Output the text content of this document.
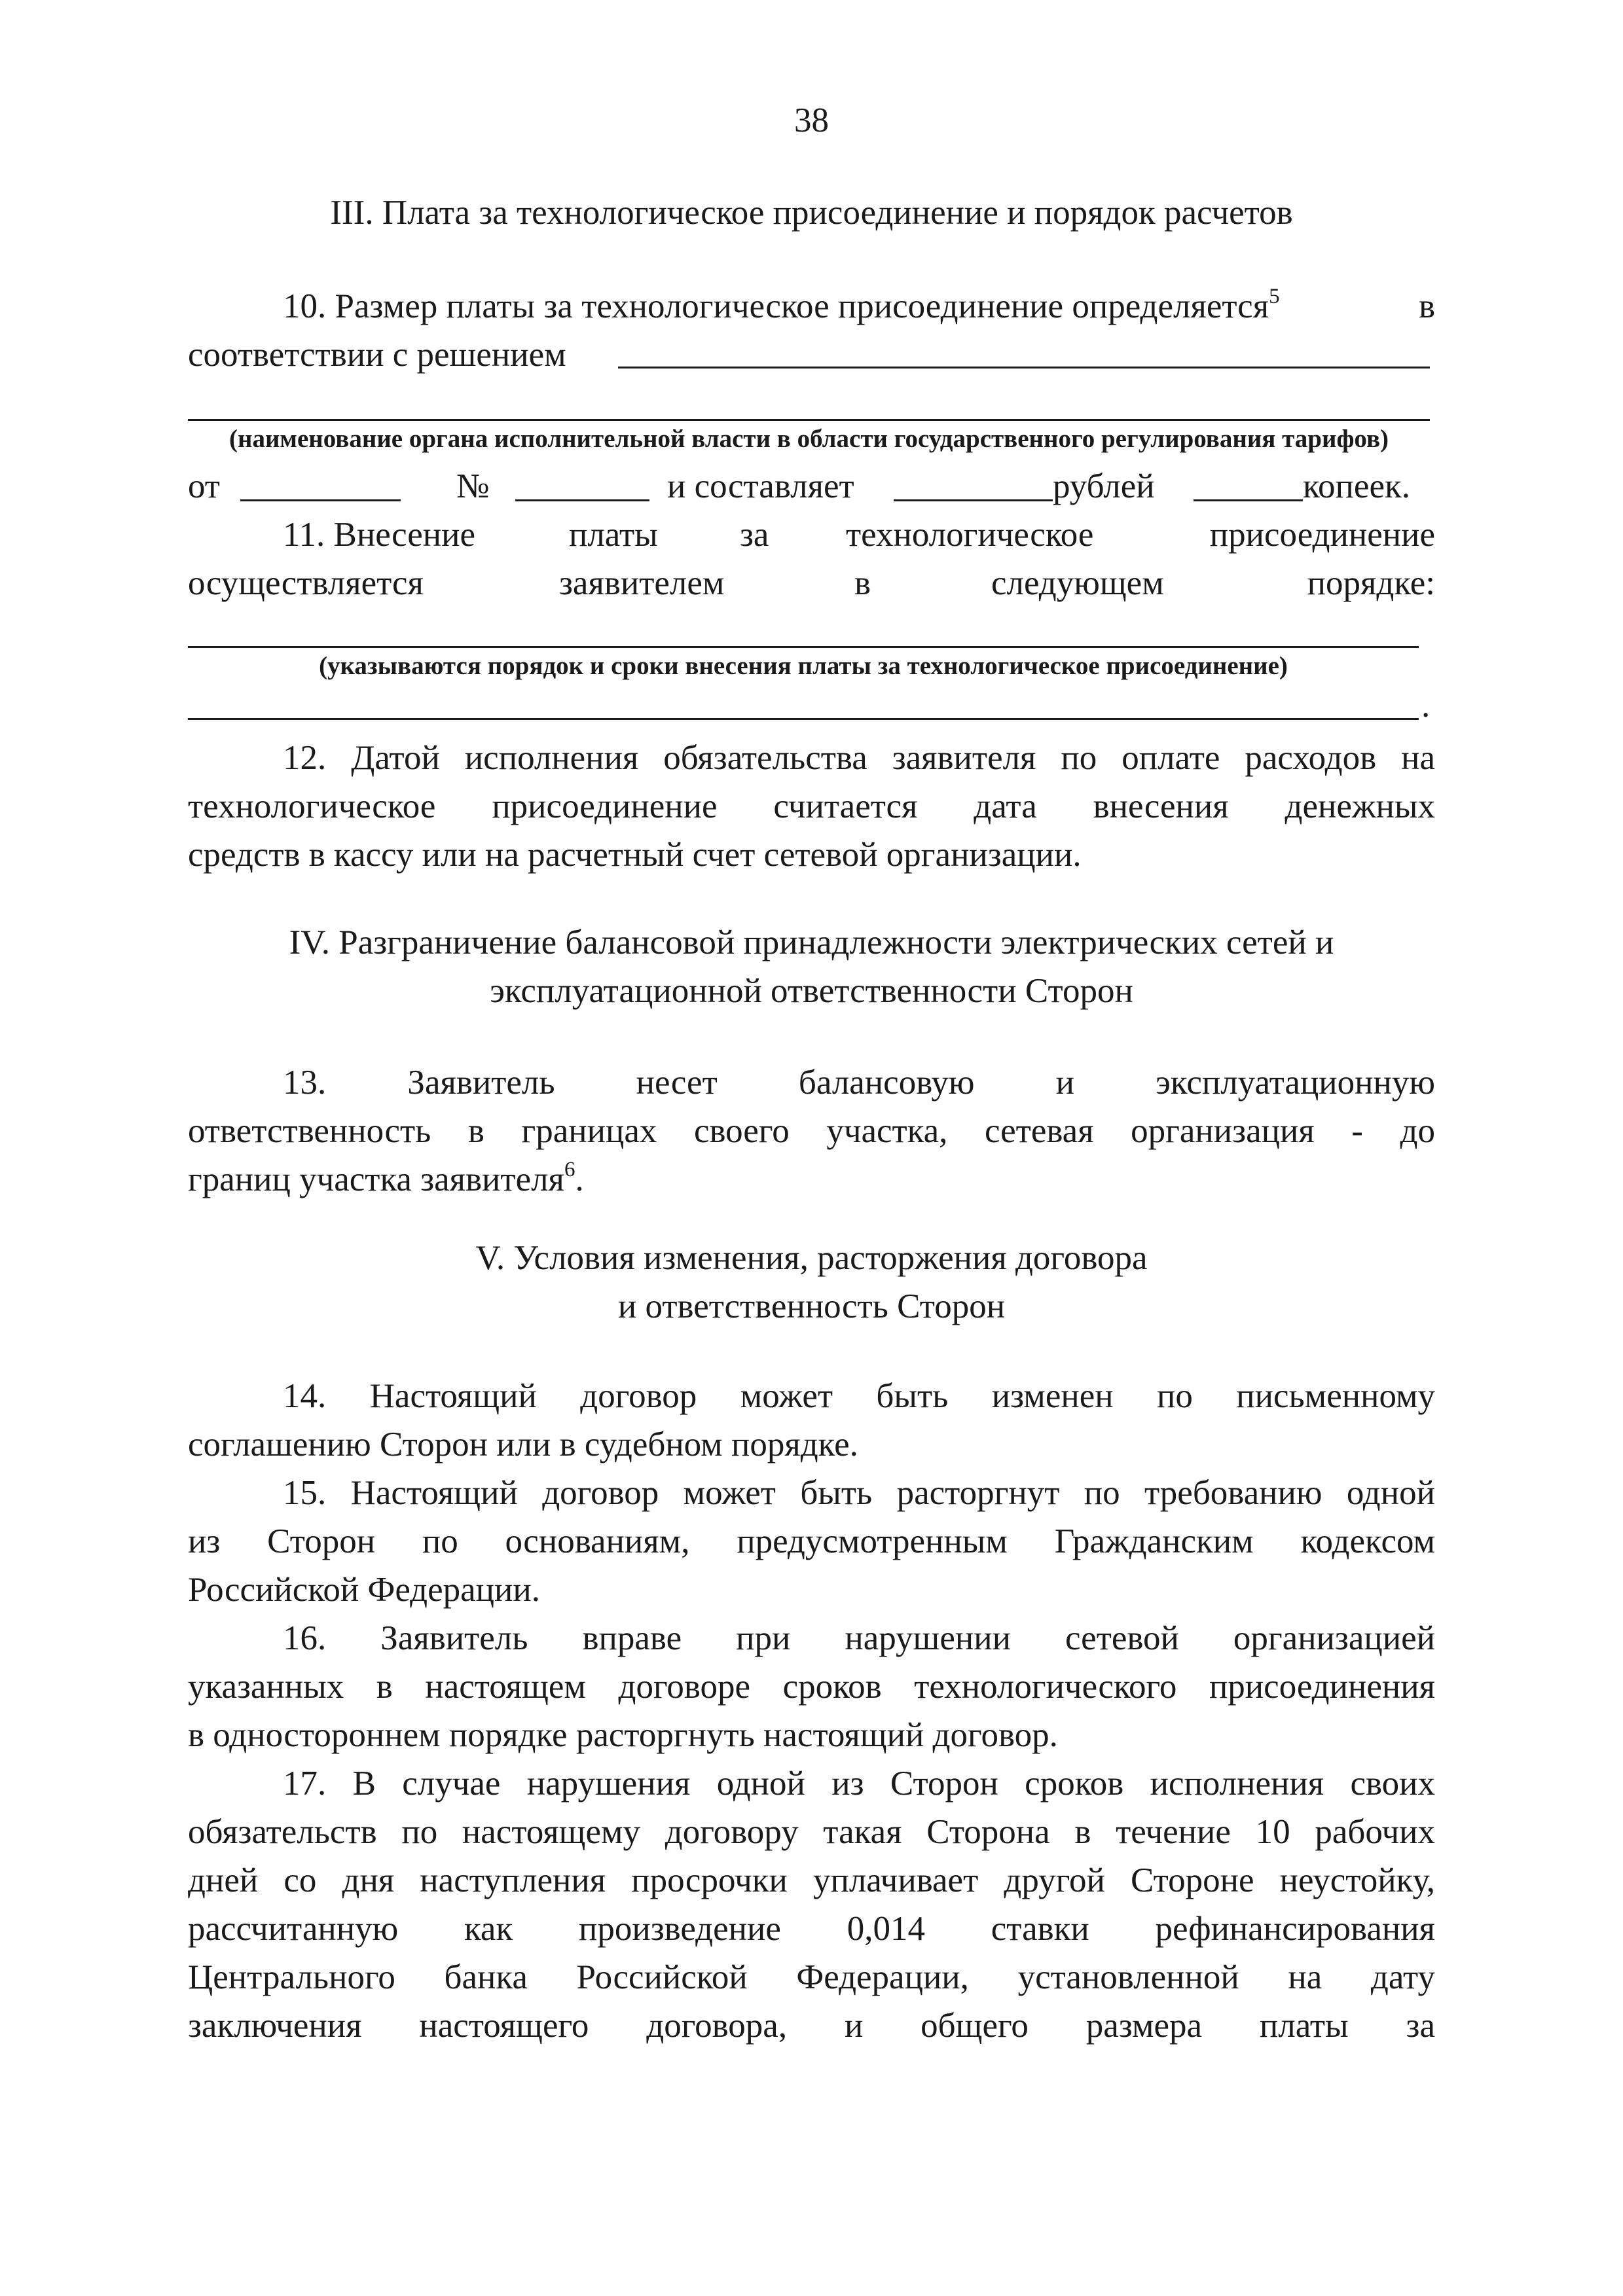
38
III. Плата за технологическое присоединение и порядок расчетов
10. Размер платы за технологическое присоединение определяется$^5$	в
соответствии с решением
(наименование органа исполнительной власти в области государственного регулирования тарифов)
от	№	и составляет	рублей	копеек.
11. Внесение	платы за технологическое	присоединение
осуществляется	заявителем	в	следующем	порядке:
(указываются порядок и сроки внесения платы за технологическое присоединение)
.
12. Датой исполнения обязательства заявителя по оплате расходов на
технологическое присоединение считается дата внесения денежных
средств в кассу или на расчетный счет сетевой организации.
IV. Разграничение балансовой принадлежности электрических сетей и
эксплуатационной ответственности Сторон
13. Заявитель несет балансовую и эксплуатационную
ответственность в границах своего участка, сетевая организация - до
границ участка заявителя$^6$.
V. Условия изменения, расторжения договора
и ответственность Сторон
14. Настоящий договор может быть изменен по письменному
соглашению Сторон или в судебном порядке.
15. Настоящий договор может быть расторгнут по требованию одной
из Сторон по основаниям, предусмотренным Гражданским кодексом
Российской Федерации.
16. Заявитель вправе при нарушении сетевой организацией
указанных в настоящем договоре сроков технологического присоединения
в одностороннем порядке расторгнуть настоящий договор.
17. В случае нарушения одной из Сторон сроков исполнения своих
обязательств по настоящему договору такая Сторона в течение 10 рабочих
дней со дня наступления просрочки уплачивает другой Стороне неустойку,
рассчитанную как произведение 0,014 ставки рефинансирования
Центрального банка Российской Федерации, установленной на дату
заключения настоящего договора, и общего размера платы за
